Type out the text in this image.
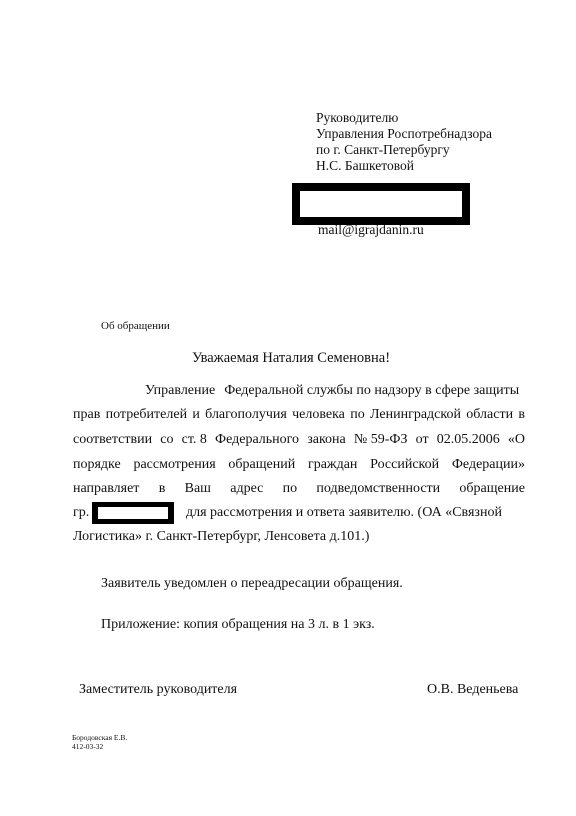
Руководителю
Управления Роспотребнадзора
по г. Санкт-Петербургу
Н.С. Башкетовой
mail@igrajdanin.ru
Об обращении
Уважаемая Наталия Семеновна!
Управление Федеральной службы по надзору в сфере защиты
прав потребителей и благополучия человека по Ленинградской области в
соответствии со ст. 8 Федерального закона № 59-ФЗ от 02.05.2006 «О
порядке рассмотрения обращений граждан Российской Федерации»
направляет в Ваш адрес по подведомственности обращение
гр.	для рассмотрения и ответа заявителю. (ОА «Связной
Логистика» г. Санкт-Петербург, Ленсовета д.101.)
Заявитель уведомлен о переадресации обращения.
Приложение: копия обращения на 3 л. в 1 экз.
Заместитель руководителя	О.В. Веденьева
Бородовская Е.В.
412-03-32
